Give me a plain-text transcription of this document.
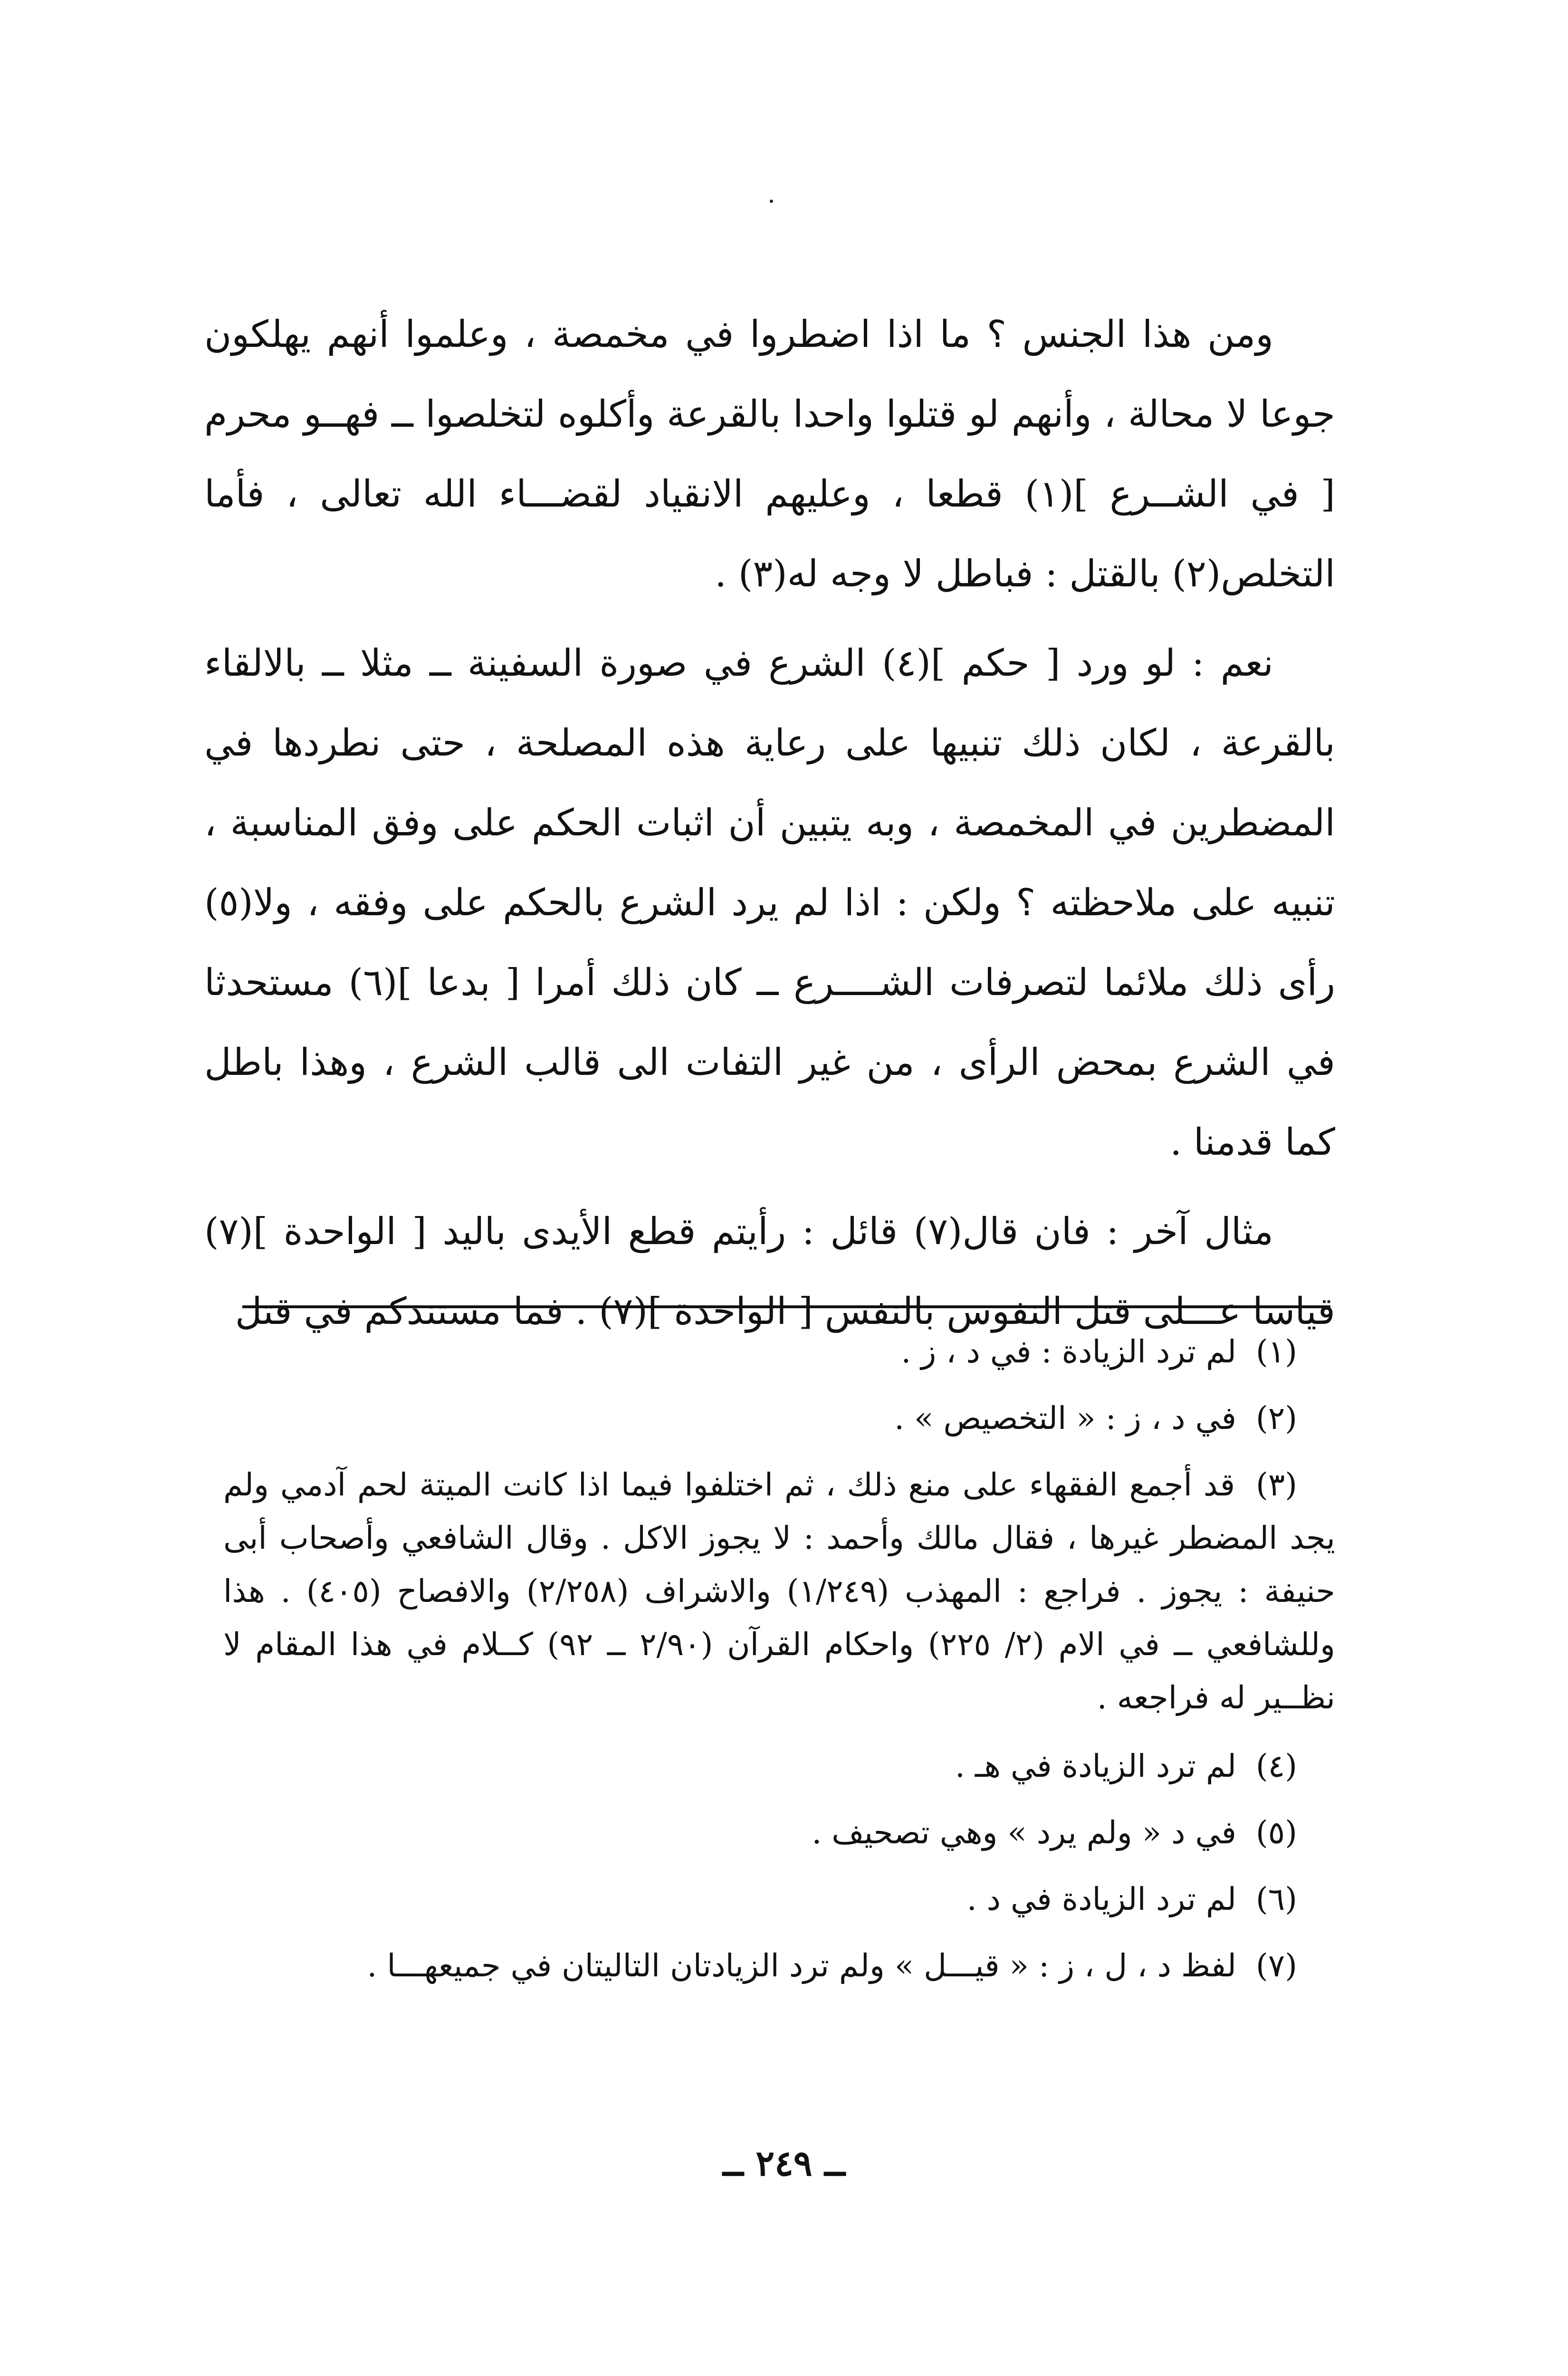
ومن هذا الجنس ؟ ما اذا اضطروا في مخمصة ، وعلموا أنهم يهلكون جوعا لا محالة ، وأنهم لو قتلوا واحدا بالقرعة وأكلوه لتخلصوا ــ فهــو محرم [ في الشــرع ](١) قطعا ، وعليهم الانقياد لقضـــاء الله تعالى ، فأما التخلص(٢) بالقتل : فباطل لا وجه له(٣) .

نعم : لو ورد [ حكم ](٤) الشرع في صورة السفينة ــ مثلا ــ بالالقاء بالقرعة ، لكان ذلك تنبيها على رعاية هذه المصلحة ، حتى نطردها في المضطرين في المخمصة ، وبه يتبين أن اثبات الحكم على وفق المناسبة ، تنبيه على ملاحظته ؟ ولكن : اذا لم يرد الشرع بالحكم على وفقه ، ولا(٥) رأى ذلك ملائما لتصرفات الشــــرع ــ كان ذلك أمرا [ بدعا ](٦) مستحدثا في الشرع بمحض الرأى ، من غير التفات الى قالب الشرع ، وهذا باطل كما قدمنا .

مثال آخر : فان قال(٧) قائل : رأيتم قطع الأيدى باليد [ الواحدة ](٧) قياسا عـــلى قتل النفوس بالنفس [ الواحدة ](٧) . فما مستندكم في قتل

(١) لم ترد الزيادة : في د ، ز .

(٢) في د ، ز : « التخصيص » .

(٣) قد أجمع الفقهاء على منع ذلك ، ثم اختلفوا فيما اذا كانت الميتة لحم آدمي ولم يجد المضطر غيرها ، فقال مالك وأحمد : لا يجوز الاكل . وقال الشافعي وأصحاب أبى حنيفة : يجوز . فراجع : المهذب (١/٢٤٩) والاشراف (٢/٢٥٨) والافصاح (٤٠٥) . هذا وللشافعي ــ في الام (٢/ ٢٢٥) واحكام القرآن (٢/٩٠ ــ ٩٢) كــلام في هذا المقام لا نظــير له فراجعه .

(٤) لم ترد الزيادة في هـ .

(٥) في د « ولم يرد » وهي تصحيف .

(٦) لم ترد الزيادة في د .

(٧) لفظ د ، ل ، ز : « قيـــل » ولم ترد الزيادتان التاليتان في جميعهـــا .

ــ ٢٤٩ ــ
